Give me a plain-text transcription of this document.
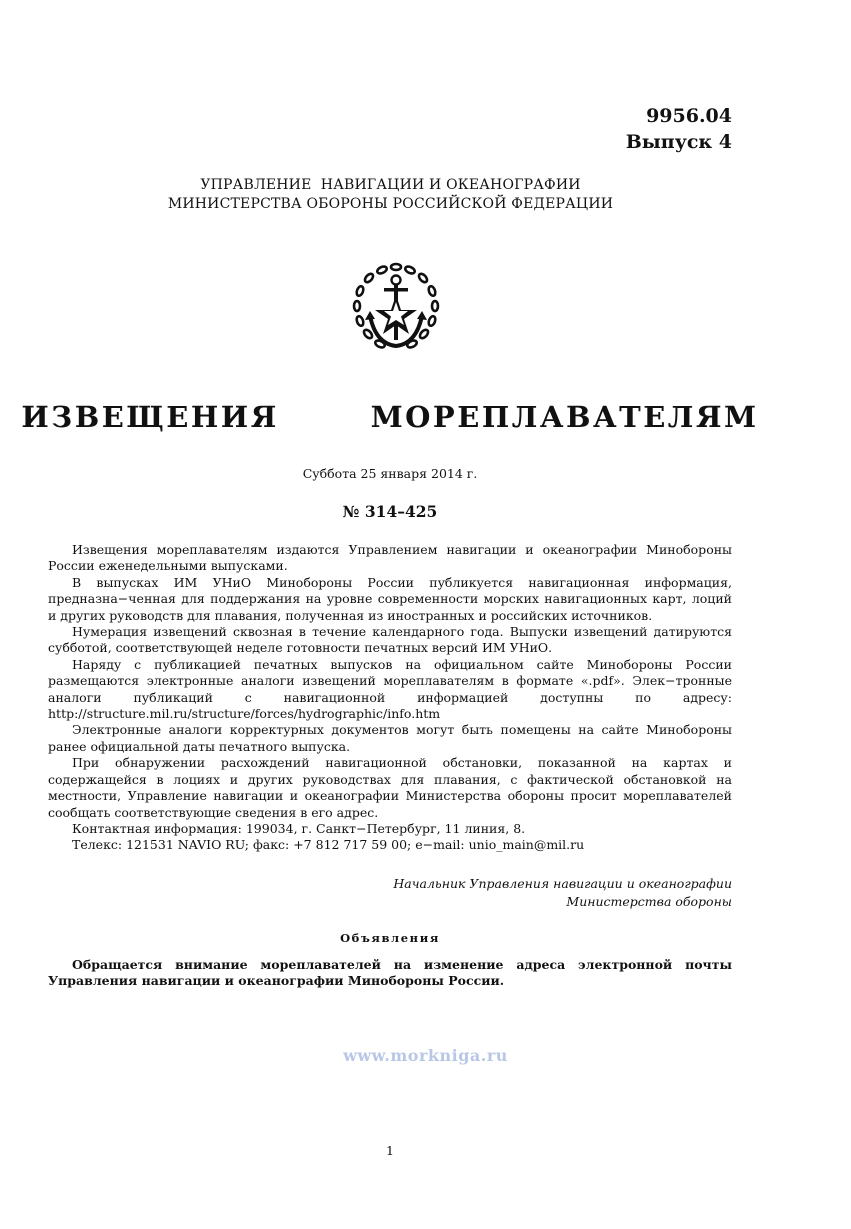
9956.04
Выпуск 4
УПРАВЛЕНИЕ  НАВИГАЦИИ И ОКЕАНОГРАФИИ
МИНИСТЕРСТВА ОБОРОНЫ РОССИЙСКОЙ ФЕДЕРАЦИИ
ИЗВЕЩЕНИЯ   МОРЕПЛАВАТЕЛЯМ
Суббота 25 января 2014 г.
№ 314–425

Извещения мореплавателям издаются Управлением навигации и океанографии Минобороны России еженедельными выпусками.

В выпусках ИМ УНиО Минобороны России публикуется навигационная информация, предназна−ченная для поддержания на уровне современности морских навигационных карт, лоций и других руководств для плавания, полученная из иностранных и российских источников.

Нумерация извещений сквозная в течение календарного года. Выпуски извещений датируются субботой, соответствующей неделе готовности печатных версий ИМ УНиО.

Наряду с публикацией печатных выпусков на официальном сайте Минобороны России размещаются электронные аналоги извещений мореплавателям в формате «.pdf». Элек−тронные аналоги публикаций с навигационной информацией доступны по адресу: http://structure.mil.ru/structure/forces/hydrographic/info.htm

Электронные аналоги корректурных документов могут быть помещены на сайте Минобороны ранее официальной даты печатного выпуска.

При обнаружении расхождений навигационной обстановки, показанной на картах и содержащейся в лоциях и других руководствах для плавания, с фактической обстановкой на местности, Управление навигации и океанографии Министерства обороны просит мореплавателей сообщать соответствующие сведения в его адрес.

Контактная информация: 199034, г. Санкт−Петербург, 11 линия, 8.

Телекс: 121531 NAVIO RU; факс: +7 812 717 59 00; e−mail: unio_main@mil.ru

Начальник Управления навигации и океанографии
Министерства обороны
Объявления

Обращается внимание мореплавателей на изменение адреса электронной почты Управления навигации и океанографии Минобороны России.

www.morkniga.ru
1
